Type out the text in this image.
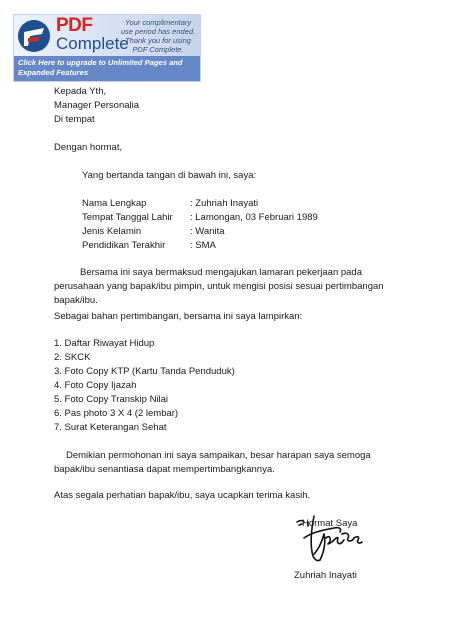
PDF
Complete
Your complimentary use period has ended. Thank you for using PDF Complete.
Click Here to upgrade to Unlimited Pages and Expanded Features
Kepada Yth,
Manager Personalia
Di tempat
Dengan hormat,
Yang bertanda tangan di bawah ini, saya:
Nama Lengkap	: Zuhriah Inayati
Tempat Tanggal Lahir : Lamongan, 03 Februari 1989
Jenis Kelamin	: Wanita
Pendidikan Terakhir	: SMA
Bersama ini saya bermaksud mengajukan lamaran pekerjaan pada perusahaan yang bapak/ibu pimpin, untuk mengisi posisi sesuai pertimbangan bapak/ibu.
Sebagai bahan pertimbangan, bersama ini saya lampirkan:
1. Daftar Riwayat Hidup
2. SKCK
3. Foto Copy KTP (Kartu Tanda Penduduk)
4. Foto Copy Ijazah
5. Foto Copy Transkip Nilai
6. Pas photo 3 X 4 (2 lembar)
7. Surat Keterangan Sehat
Demikian permohonan ini saya sampaikan, besar harapan saya semoga bapak/ibu senantiasa dapat mempertimbangkannya.
Atas segala perhatian bapak/ibu, saya ucapkan terima kasih.
Hormat Saya
Zuhriah Inayati
